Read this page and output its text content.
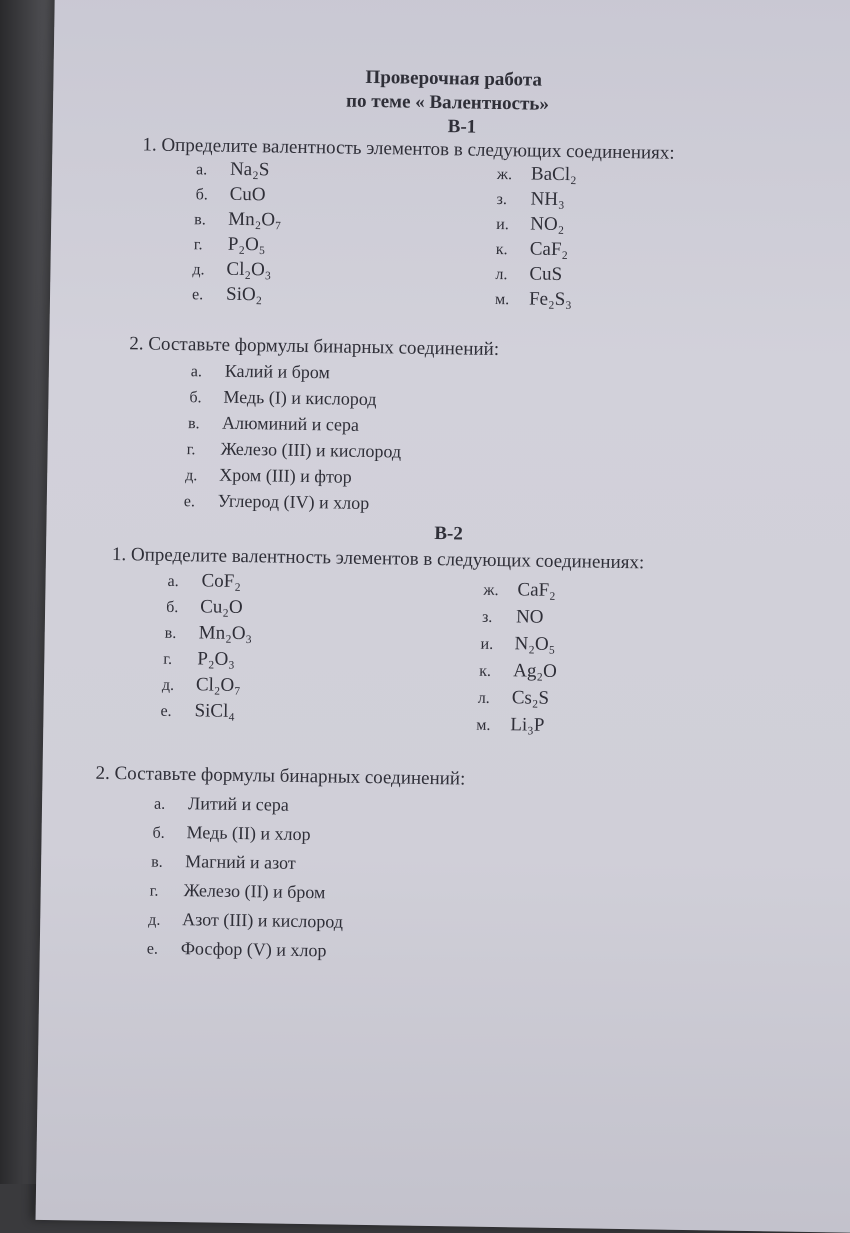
Проверочная работа
по теме « Валентность»
В-1
1. Определите валентность элементов в следующих соединениях:
а. Na₂S
б. CuO
в. Mn₂O₇
г. P₂O₅
д. Cl₂O₃
е. SiO₂
ж. BaCl₂
з. NH₃
и. NO₂
к. CaF₂
л. CuS
м. Fe₂S₃
2. Составьте формулы бинарных соединений:
а. Калий и бром
б. Медь (I) и кислород
в. Алюминий и сера
г. Железо (III) и кислород
д. Хром (III) и фтор
е. Углерод (IV) и хлор
В-2
1. Определите валентность элементов в следующих соединениях:
а. CoF₂
б. Cu₂O
в. Mn₂O₃
г. P₂O₃
д. Cl₂O₇
е. SiCl₄
ж. CaF₂
з. NO
и. N₂O₅
к. Ag₂O
л. Cs₂S
м. Li₃P
2. Составьте формулы бинарных соединений:
а. Литий и сера
б. Медь (II) и хлор
в. Магний и азот
г. Железо (II) и бром
д. Азот (III) и кислород
е. Фосфор (V) и хлор
